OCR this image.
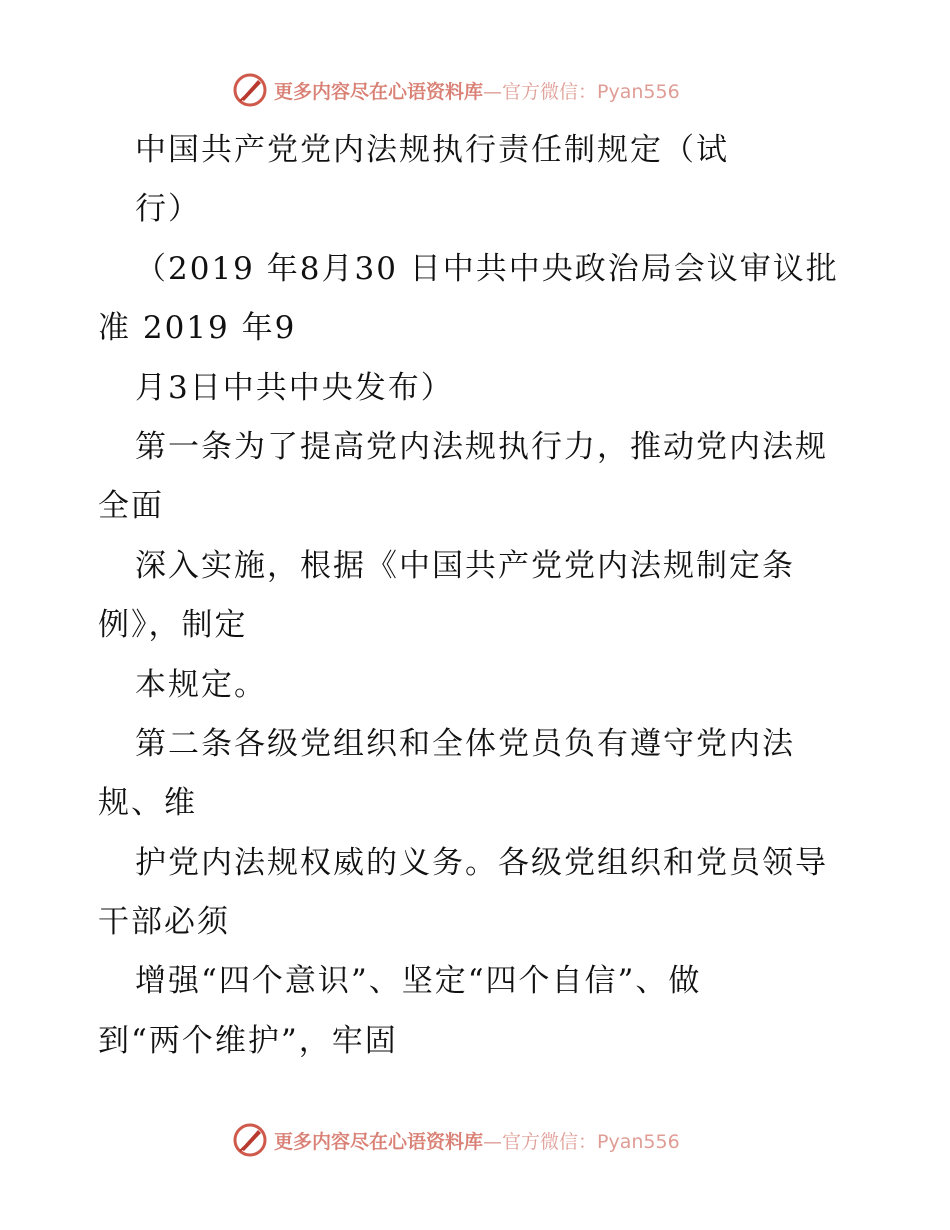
更多内容尽在心语资料库—官方微信：Pyan556
中国共产党党内法规执行责任制规定（试
行）
（2019 年8月30 日中共中央政治局会议审议批
准 2019 年9
月3日中共中央发布）
第一条为了提高党内法规执行力，推动党内法规
全面
深入实施，根据《中国共产党党内法规制定条
例》，制定
本规定。
第二条各级党组织和全体党员负有遵守党内法
规、维
护党内法规权威的义务。各级党组织和党员领导
干部必须
增强“四个意识”、坚定“四个自信”、做
到“两个维护”，牢固
更多内容尽在心语资料库—官方微信：Pyan556
